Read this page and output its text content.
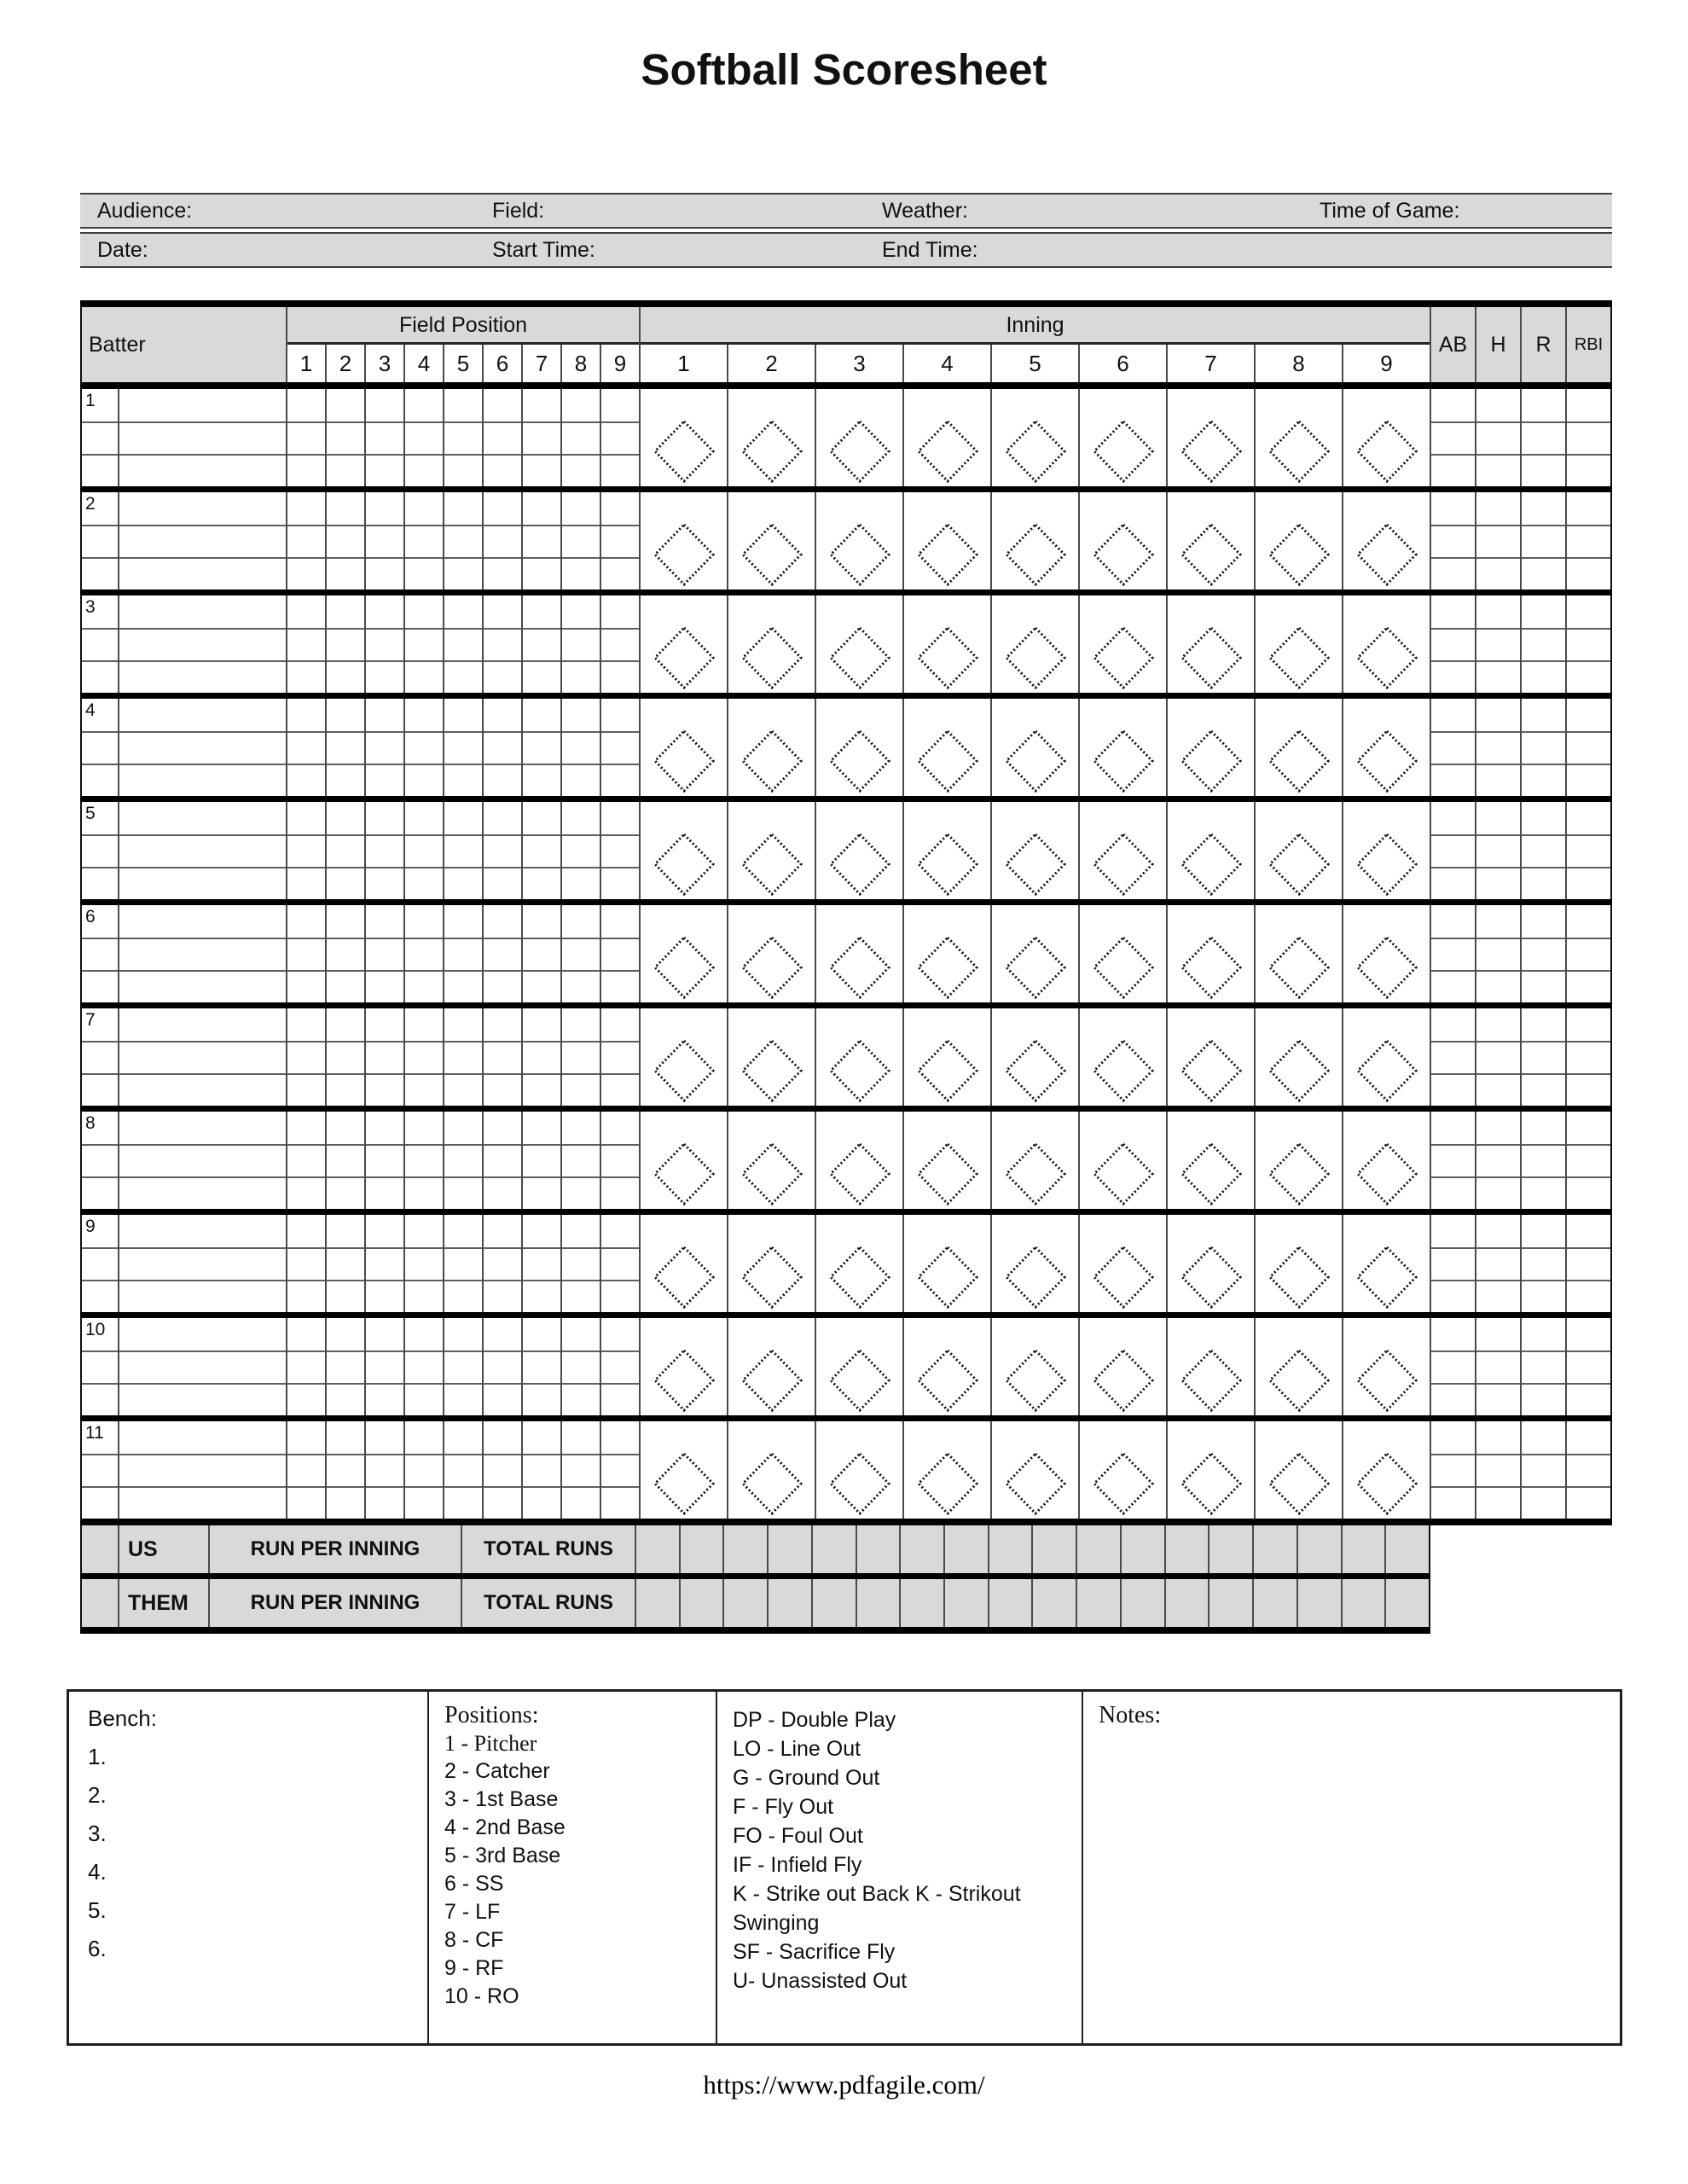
Softball Scoresheet
Audience:	Field:	Weather:	Time of Game:
Date:	Start Time:	End Time:
Batter
Field Position
1	2	3	4	5	6	7	8	9
Inning
1	2	3	4	5	6	7	8	9
AB	H	R	RBI
1
2
3
4
5
6
7
8
9
10
11
US	RUN PER INNING	TOTAL RUNS
THEM	RUN PER INNING	TOTAL RUNS
Bench:
1.
2.
3.
4.
5.
6.
Positions:
1 - Pitcher
2 - Catcher
3 - 1st Base
4 - 2nd Base
5 - 3rd Base
6 - SS
7 - LF
8 - CF
9 - RF
10 - RO
DP - Double Play
LO - Line Out
G - Ground Out
F - Fly Out
FO - Foul Out
IF - Infield Fly
K - Strike out Back K - Strikout Swinging
SF - Sacrifice Fly
U- Unassisted Out
Notes:
https://www.pdfagile.com/
